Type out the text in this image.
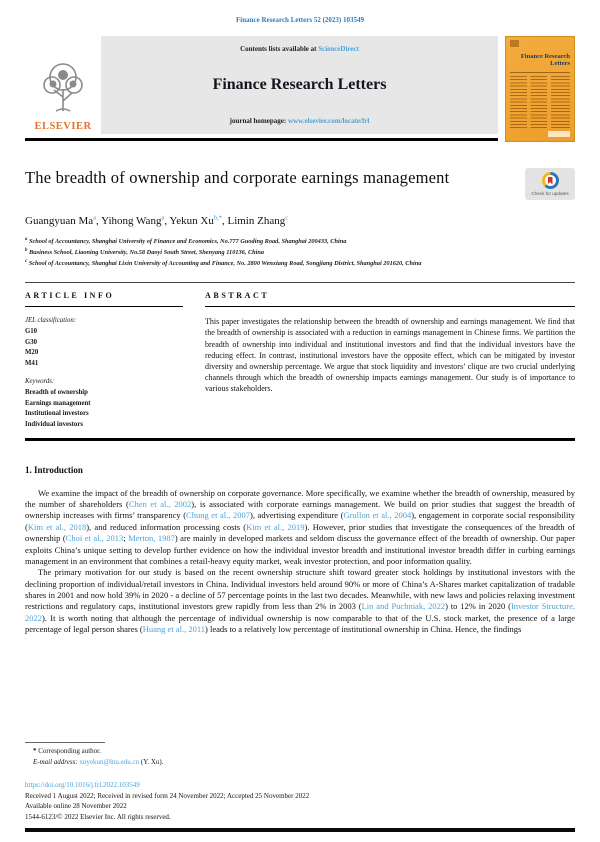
Finance Research Letters 52 (2023) 103549
ELSEVIER
Contents lists available at ScienceDirect
Finance Research Letters
journal homepage: www.elsevier.com/locate/frl
Finance Research Letters
The breadth of ownership and corporate earnings management
Check for updates
Guangyuan Ma$^a$, Yihong Wang$^a$, Yekun $Xu^{b,*}$, Limin Zhang$^c$
$^a$ School of Accountancy, Shanghai University of Finance and Economics, No.777 Guoding Road, Shanghai 200433, China
$^b$ Business School, Liaoning University, No.58 Daoyi South Street, Shenyang 110136, China
$^c$ School of Accountancy, Shanghai Lixin University of Accounting and Finance, No. 2800 Wenxiang Road, Songjiang District, Shanghai 201620, China
ARTICLE INFO
JEL classification:
G10
G30
M20
M41
Keywords:
Breadth of ownership
Earnings management
Institutional investors
Individual investors
ABSTRACT

This paper investigates the relationship between the breadth of ownership and earnings management. We find that the breadth of ownership is associated with a reduction in earnings management in Chinese firms. We partition the breadth of ownership into individual and institutional investors and find that the individual investors have the reducing effect. In contrast, institutional investors have the opposite effect, which can be mitigated by investor diversity and ownership percentage. We argue that stock liquidity and investors’ clique are two crucial underlying channels through which the breadth of ownership impacts earnings management. Our study is of importance to various stakeholders.

1. Introduction

We examine the impact of the breadth of ownership on corporate governance. More specifically, we examine whether the breadth of ownership, measured by the number of shareholders (Chen et al., 2002), is associated with corporate earnings management. We build on prior studies that suggest the breadth of ownership increases with firms’ transparency (Chung et al., 2007), advertising expenditure (Grullon et al., 2004), engagement in corporate social responsibility (Kim et al., 2018), and reduced information processing costs (Kim et al., 2019). However, prior studies that investigate the consequences of the breadth of ownership (Choi et al., 2013; Merton, 1987) are mainly in developed markets and seldom discuss the governance effect of the breadth of ownership. Our paper exploits China’s unique setting to develop further evidence on how the individual investor breadth and institutional investor breadth differ in curbing earnings management in an environment that combines a retail-heavy equity market, weak investor protection, and poor information quality.

The primary motivation for our study is based on the recent ownership structure shift toward greater stock holdings by institutional investors with the declining proportion of individual/retail investors in China. Individual investors held around 90% or more of China’s A-Shares market capitalization of tradable shares in 2001 and now hold 39% in 2020 - a decline of 57 percentage points in the last two decades. Meanwhile, with new laws and policies relaxing investment restrictions and regulatory caps, institutional investors grew rapidly from less than 2% in 2003 (Lin and Puchniak, 2022) to 12% in 2020 (Investor Structure, 2022). It is worth noting that although the percentage of individual ownership is now comparable to that of the U.S. stock market, the presence of a large percentage of legal person shares (Huang et al., 2011) leads to a relatively low percentage of institutional ownership in China. Hence, the findings

* Corresponding author.
E-mail address: xuyekun@lnu.edu.cn (Y. Xu).
https://doi.org/10.1016/j.frl.2022.103549
Received 1 August 2022; Received in revised form 24 November 2022; Accepted 25 November 2022
Available online 28 November 2022
1544-6123/© 2022 Elsevier Inc. All rights reserved.
